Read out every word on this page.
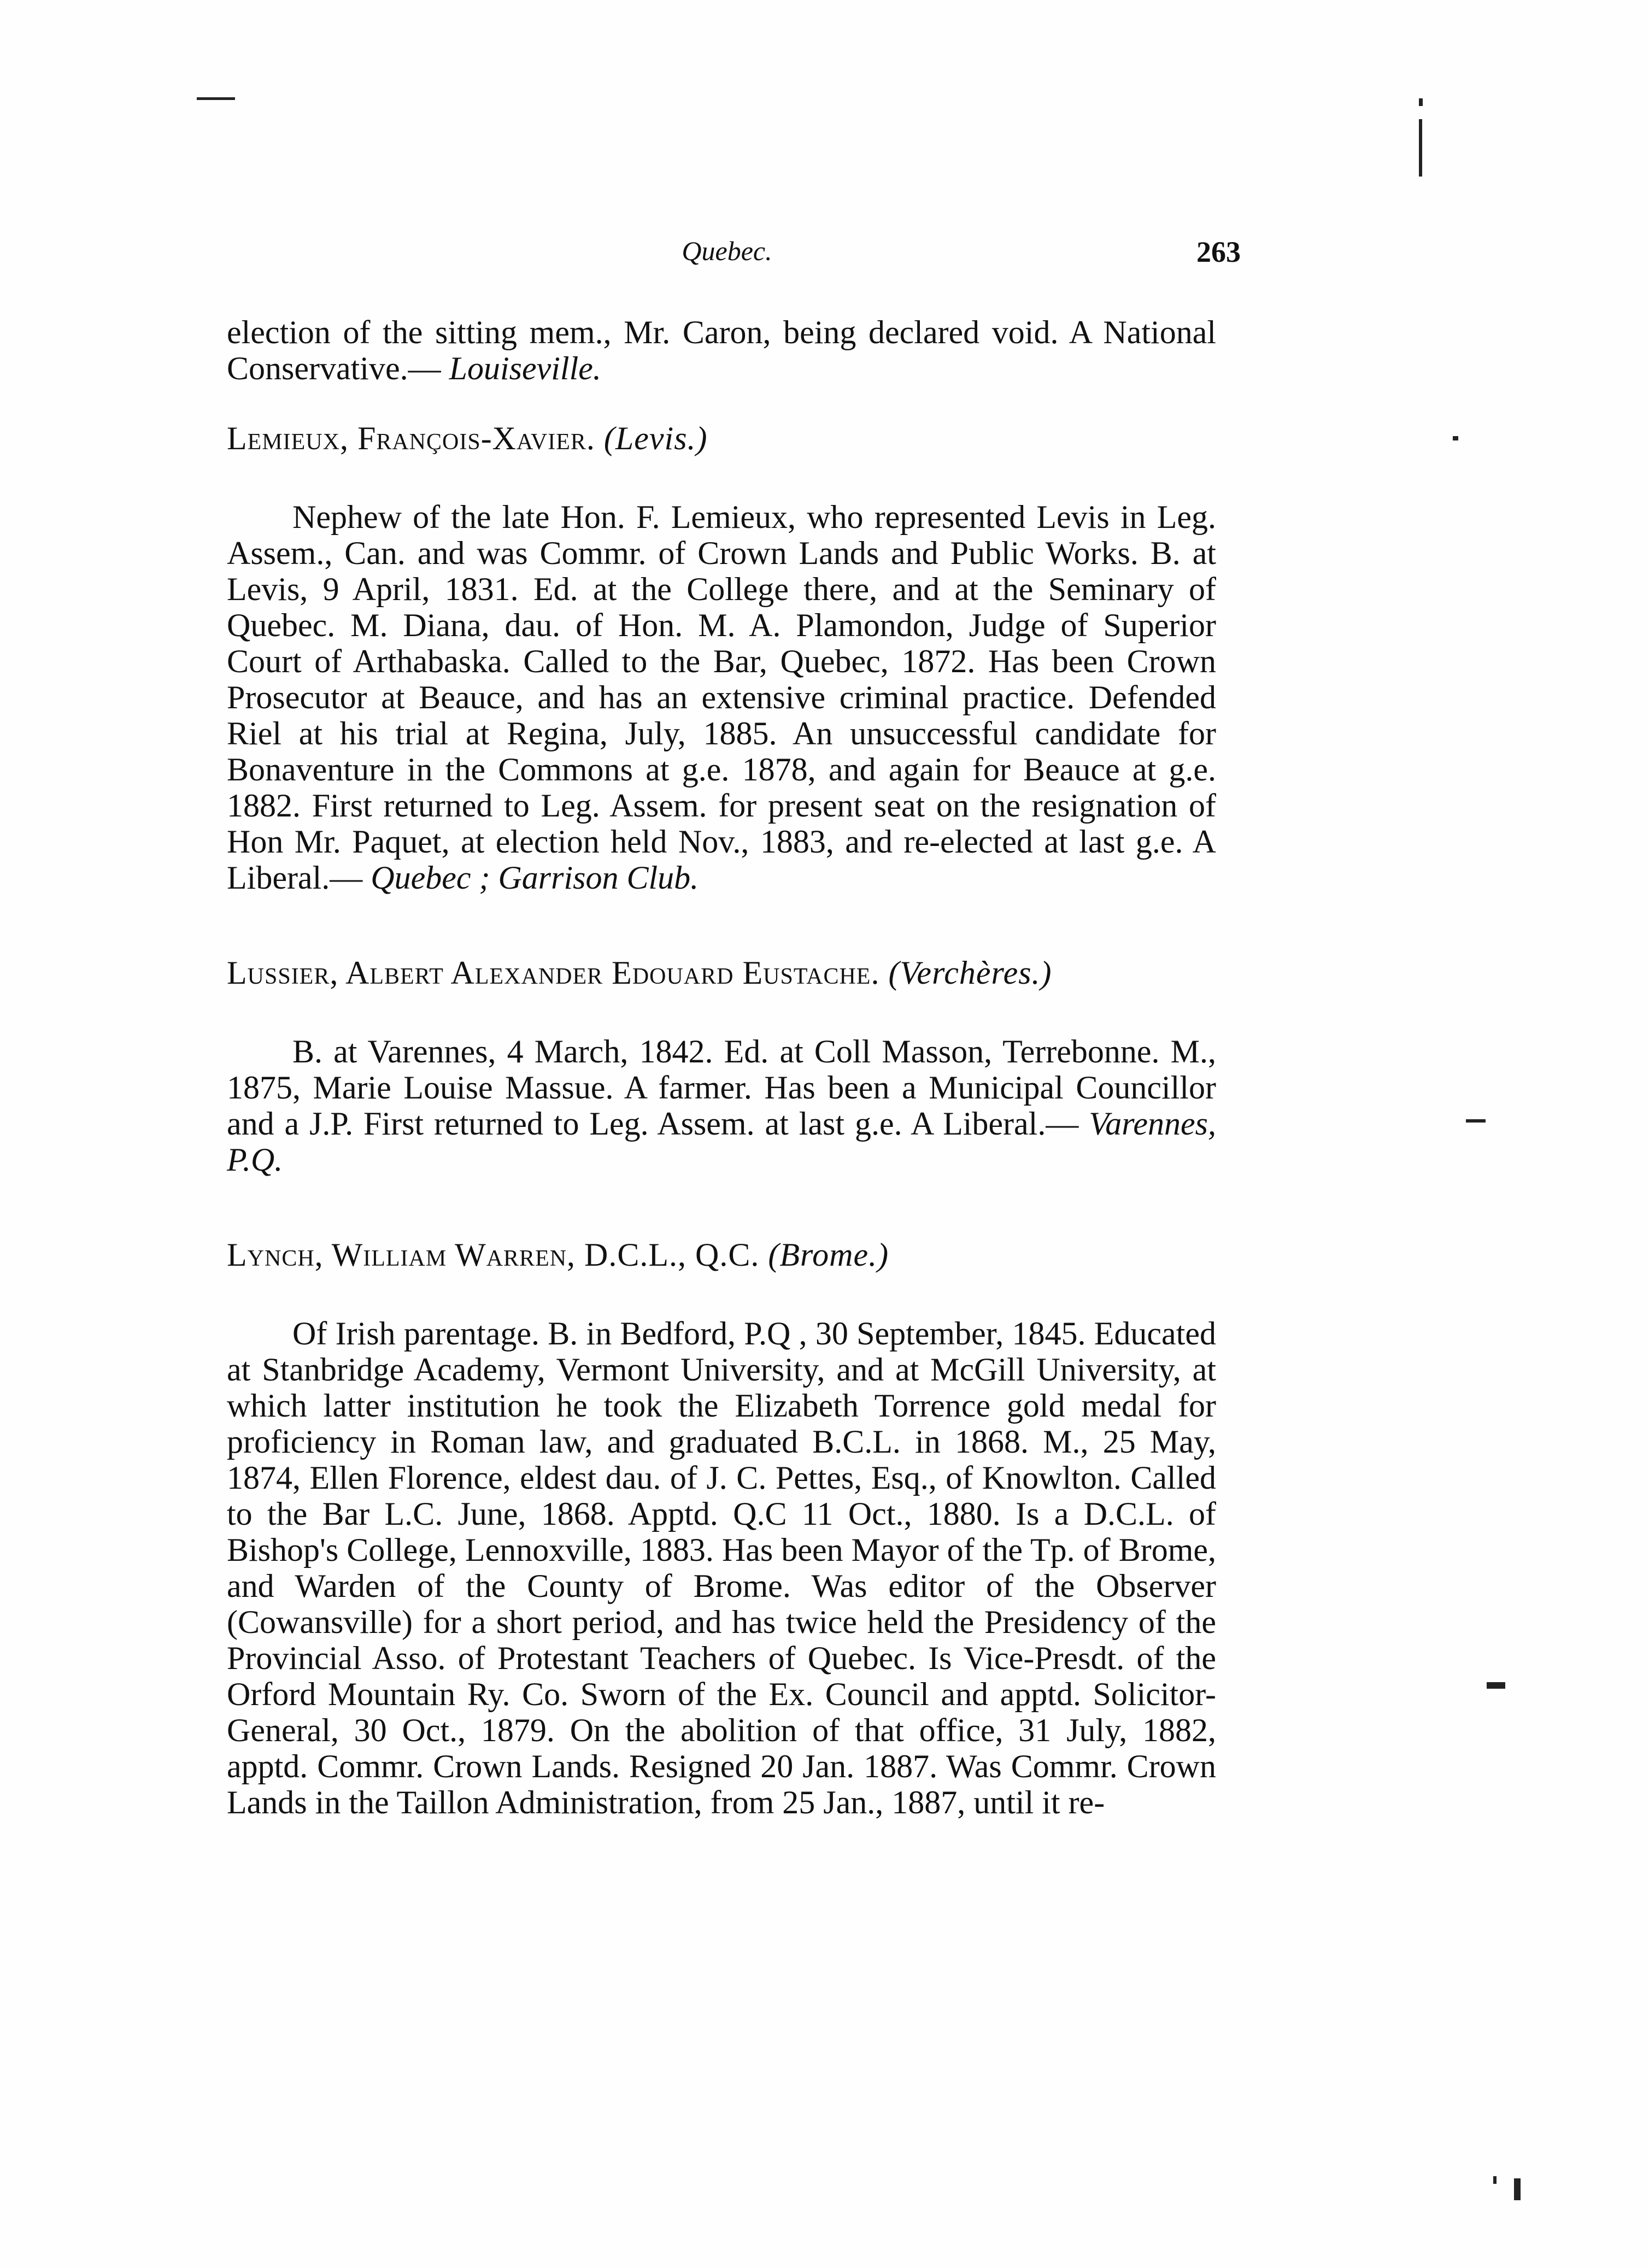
Quebec.	263

election of the sitting mem., Mr. Caron, being declared void. A National Conservative.— Louiseville.

Lemieux, François-Xavier. (Levis.)

Nephew of the late Hon. F. Lemieux, who represented Levis in Leg. Assem., Can. and was Commr. of Crown Lands and Public Works. B. at Levis, 9 April, 1831. Ed. at the College there, and at the Seminary of Quebec. M. Diana, dau. of Hon. M. A. Plamondon, Judge of Superior Court of Arthabaska. Called to the Bar, Quebec, 1872. Has been Crown Prosecutor at Beauce, and has an extensive criminal practice. Defended Riel at his trial at Regina, July, 1885. An unsuccessful candidate for Bonaventure in the Commons at g.e. 1878, and again for Beauce at g.e. 1882. First returned to Leg. Assem. for present seat on the resignation of Hon Mr. Paquet, at election held Nov., 1883, and re-elected at last g.e. A Liberal.— Quebec ; Garrison Club.

Lussier, Albert Alexander Edouard Eustache. (Verchères.)

B. at Varennes, 4 March, 1842. Ed. at Coll Masson, Terrebonne. M., 1875, Marie Louise Massue. A farmer. Has been a Municipal Councillor and a J.P. First returned to Leg. Assem. at last g.e. A Liberal.— Varennes, P.Q.

Lynch, William Warren, D.C.L., Q.C. (Brome.)

Of Irish parentage. B. in Bedford, P.Q , 30 September, 1845. Educated at Stanbridge Academy, Vermont University, and at McGill University, at which latter institution he took the Elizabeth Torrence gold medal for proficiency in Roman law, and graduated B.C.L. in 1868. M., 25 May, 1874, Ellen Florence, eldest dau. of J. C. Pettes, Esq., of Knowlton. Called to the Bar L.C. June, 1868. Apptd. Q.C 11 Oct., 1880. Is a D.C.L. of Bishop's College, Lennoxville, 1883. Has been Mayor of the Tp. of Brome, and Warden of the County of Brome. Was editor of the Observer (Cowansville) for a short period, and has twice held the Presidency of the Provincial Asso. of Protestant Teachers of Quebec. Is Vice-Presdt. of the Orford Mountain Ry. Co. Sworn of the Ex. Council and apptd. Solicitor-General, 30 Oct., 1879. On the abolition of that office, 31 July, 1882, apptd. Commr. Crown Lands. Resigned 20 Jan. 1887. Was Commr. Crown Lands in the Taillon Administration, from 25 Jan., 1887, until it re-
